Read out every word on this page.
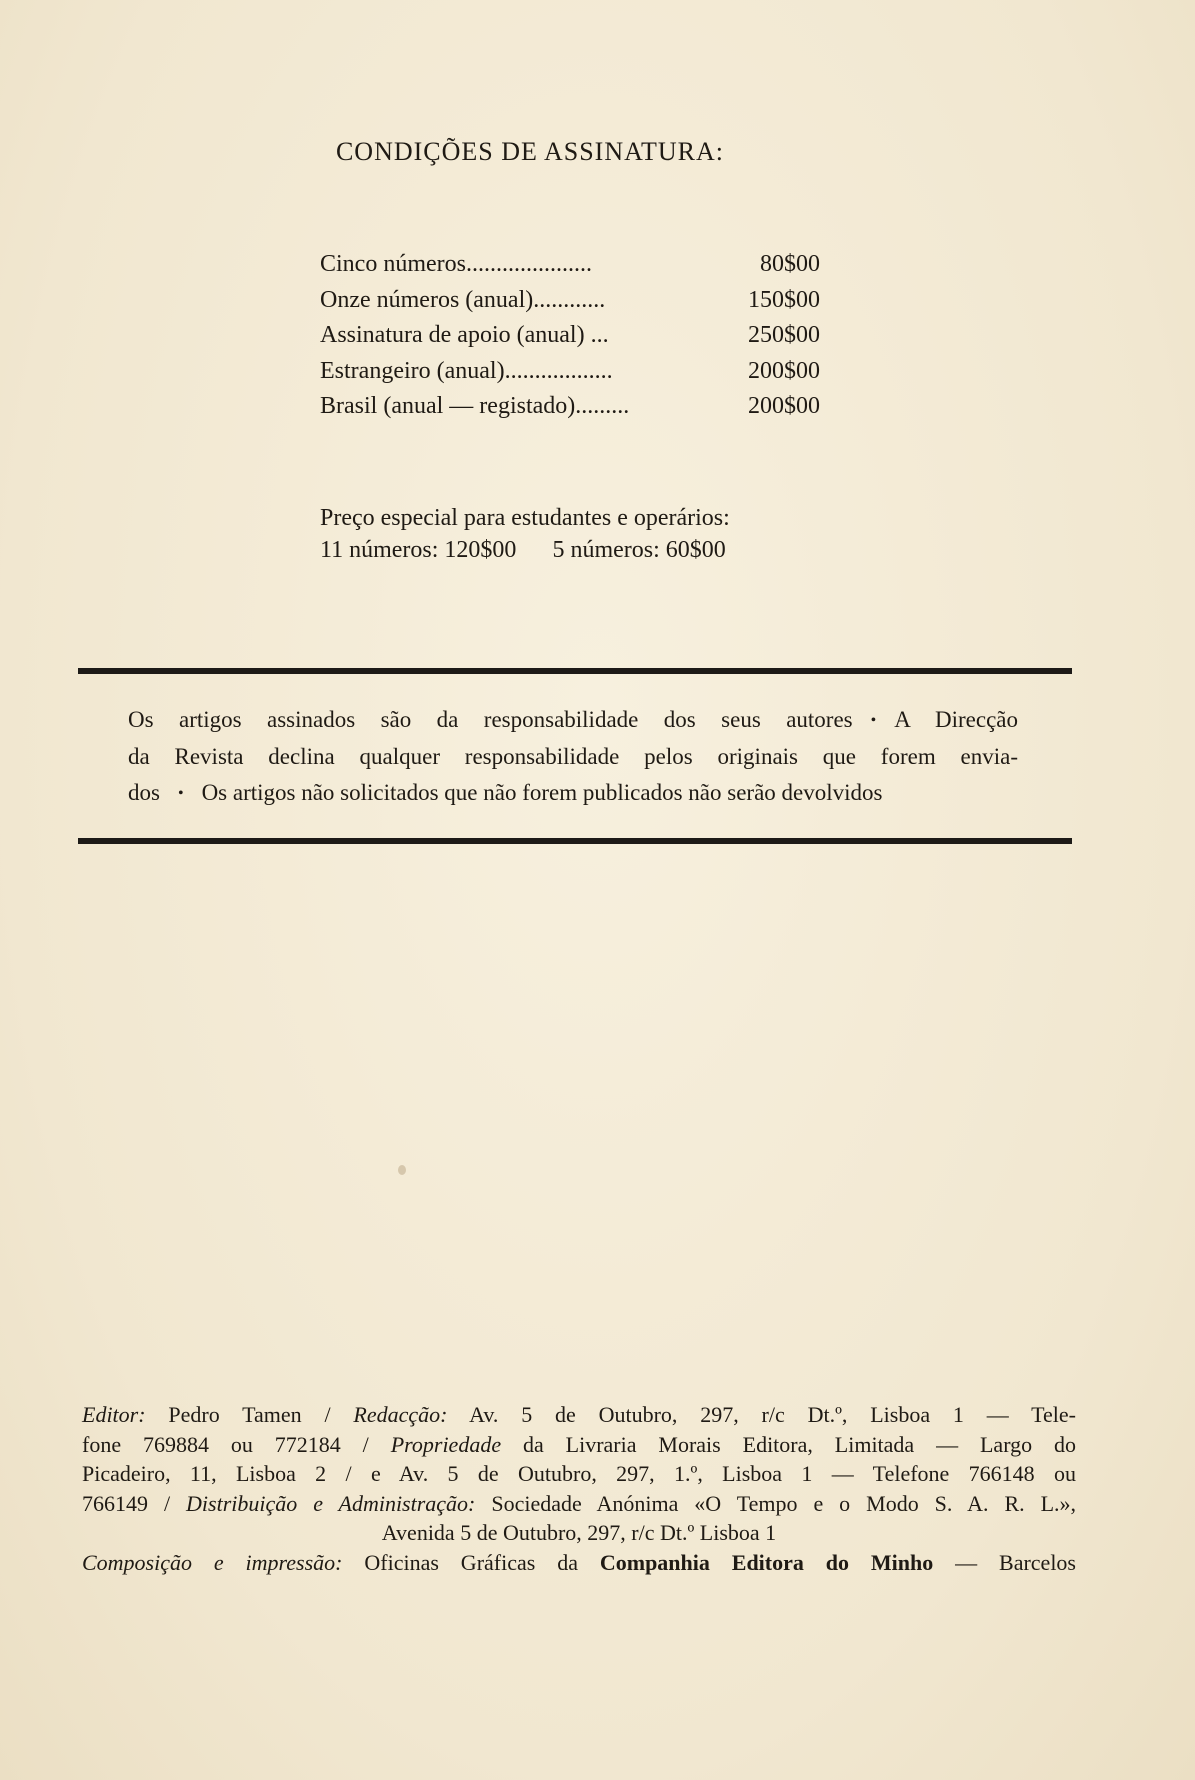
CONDIÇÕES DE ASSINATURA:
Cinco números.....................	80$00
Onze números (anual)............	150$00
Assinatura de apoio (anual) ...	250$00
Estrangeiro (anual)..................	200$00
Brasil (anual — registado).........	200$00
Preço especial para estudantes e operários:
11 números: 120$00 5 números: 60$00
Os artigos assinados são da responsabilidade dos seus autores • A Direcção
da Revista declina qualquer responsabilidade pelos originais que forem envia-
dos • Os artigos não solicitados que não forem publicados não serão devolvidos
Editor: Pedro Tamen / Redacção: Av. 5 de Outubro, 297, r/c Dt.º, Lisboa 1 — Tele-
fone 769884 ou 772184 / Propriedade da Livraria Morais Editora, Limitada — Largo do
Picadeiro, 11, Lisboa 2 / e Av. 5 de Outubro, 297, 1.º, Lisboa 1 — Telefone 766148 ou
766149 / Distribuição e Administração: Sociedade Anónima «O Tempo e o Modo S. A. R. L.»,
Avenida 5 de Outubro, 297, r/c Dt.º Lisboa 1
Composição e impressão: Oficinas Gráficas da Companhia Editora do Minho — Barcelos
